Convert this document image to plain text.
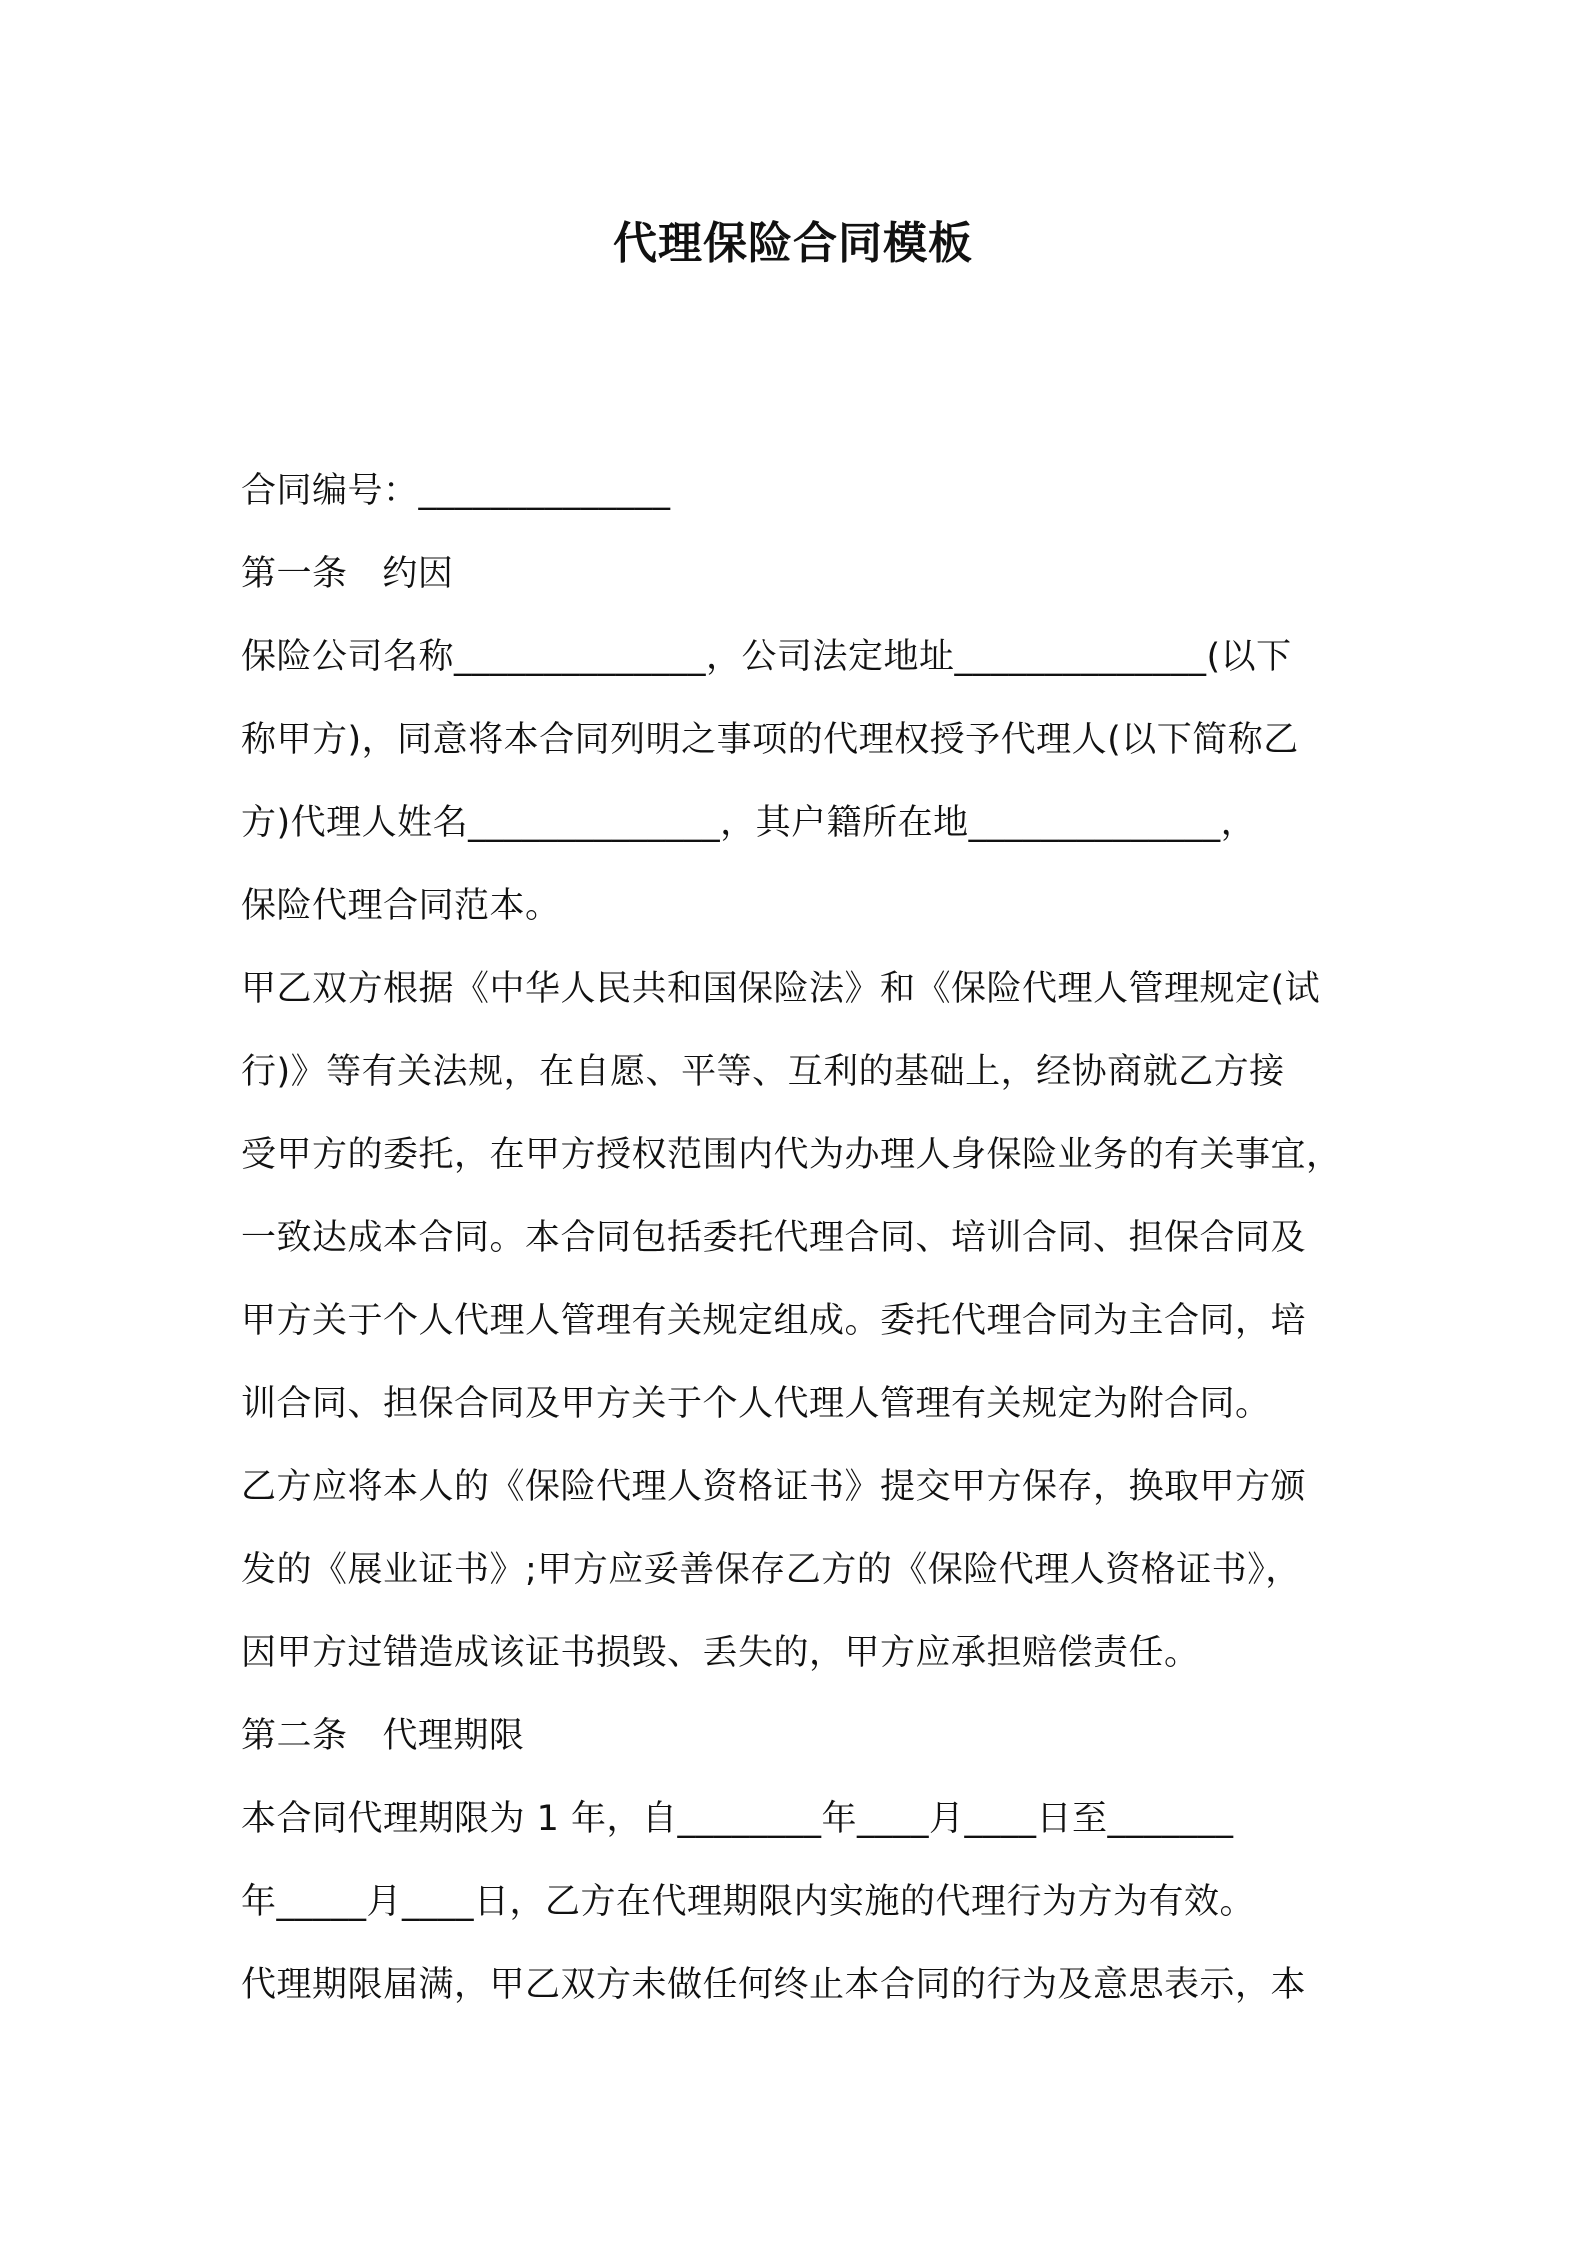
代理保险合同模板
合同编号：______________
第一条   约因
保险公司名称______________，公司法定地址______________(以下
称甲方)，同意将本合同列明之事项的代理权授予代理人(以下简称乙
方)代理人姓名______________，其户籍所在地______________，
保险代理合同范本。
甲乙双方根据《中华人民共和国保险法》和《保险代理人管理规定(试
行)》等有关法规，在自愿、平等、互利的基础上，经协商就乙方接
受甲方的委托，在甲方授权范围内代为办理人身保险业务的有关事宜，
一致达成本合同。本合同包括委托代理合同、培训合同、担保合同及
甲方关于个人代理人管理有关规定组成。委托代理合同为主合同，培
训合同、担保合同及甲方关于个人代理人管理有关规定为附合同。
乙方应将本人的《保险代理人资格证书》提交甲方保存，换取甲方颁
发的《展业证书》;甲方应妥善保存乙方的《保险代理人资格证书》，
因甲方过错造成该证书损毁、丢失的，甲方应承担赔偿责任。
第二条   代理期限
本合同代理期限为 1 年，自________年____月____日至_______
年_____月____日，乙方在代理期限内实施的代理行为方为有效。
代理期限届满，甲乙双方未做任何终止本合同的行为及意思表示，本
